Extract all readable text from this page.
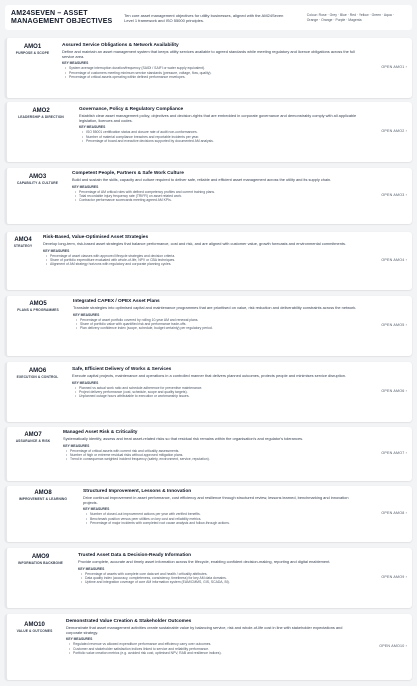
AM24SEVEN – ASSET MANAGEMENT OBJECTIVES
Ten core asset management objectives for utility businesses, aligned with the AM24Seven Level 1 framework and ISO 55000 principles.
Colour: Rose · Grey · Blue · Red · Yellow · Green · Aqua · Orange · Orange · Purple · Magenta
AMO1
PURPOSE & SCOPE
Assured Service Obligations & Network Availability
Define and maintain an asset management system that keeps utility services available to agreed standards while meeting regulatory and licence obligations across the full service area.
KEY MEASURES
• System average interruption duration/frequency (SAIDI / SAIFI or water supply equivalent).
• Percentage of customers meeting minimum service standards (pressure, voltage, flow, quality).
• Percentage of critical assets operating within defined performance envelopes.
OPEN AMO1 ›
AMO2
LEADERSHIP & DIRECTION
Governance, Policy & Regulatory Compliance
Establish clear asset management policy, objectives and decision-rights that are embedded in corporate governance and demonstrably comply with all applicable legislation, licences and codes.
KEY MEASURES
• ISO 55001 certification status and closure rate of audit non-conformances.
• Number of material compliance breaches and reportable incidents per year.
• Percentage of board and executive decisions supported by documented AM analysis.
OPEN AMO2 ›
AMO3
CAPABILITY & CULTURE
Competent People, Partners & Safe Work Culture
Build and sustain the skills, capacity and culture required to deliver safe, reliable and efficient asset management across the utility and its supply chain.
KEY MEASURES
• Percentage of AM critical roles with defined competency profiles and current training plans.
• Total recordable injury frequency rate (TRIFR) on asset related work.
• Contractor performance scorecards meeting agreed AM KPIs.
OPEN AMO3 ›
AMO4
STRATEGY
Risk-Based, Value-Optimised Asset Strategies
Develop long-term, risk-based asset strategies that balance performance, cost and risk, and are aligned with customer value, growth forecasts and environmental commitments.
KEY MEASURES
• Percentage of asset classes with approved lifecycle strategies and decision criteria.
• Share of portfolio expenditure evaluated with whole-of-life, NPV or CBA techniques.
• Alignment of AM strategy horizons with regulatory and corporate planning cycles.
OPEN AMO4 ›
AMO5
PLANS & PROGRAMMES
Integrated CAPEX / OPEX Asset Plans
Translate strategies into optimised capital and maintenance programmes that are prioritised on value, risk reduction and deliverability constraints across the network.
KEY MEASURES
• Percentage of asset portfolio covered by rolling 10-year AM and renewal plans.
• Share of portfolio value with quantified risk and performance trade-offs.
• Plan delivery confidence index (scope, schedule, budget certainty) per regulatory period.
OPEN AMO5 ›
AMO6
EXECUTION & CONTROL
Safe, Efficient Delivery of Works & Services
Execute capital projects, maintenance and operations in a controlled manner that delivers planned outcomes, protects people and minimises service disruption.
KEY MEASURES
• Planned vs actual work ratio and schedule adherence for preventive maintenance.
• Project delivery performance (cost, schedule, scope and quality targets).
• Unplanned outage hours attributable to execution or workmanship issues.
OPEN AMO6 ›
AMO7
ASSURANCE & RISK
Managed Asset Risk & Criticality
Systematically identify, assess and treat asset-related risks so that residual risk remains within the organisation's and regulator's tolerances.
KEY MEASURES
• Percentage of critical assets with current risk and criticality assessments.
• Number of high or extreme residual risks without approved mitigation plans.
• Trend in consequence-weighted incident frequency (safety, environment, service, reputation).
OPEN AMO7 ›
AMO8
IMPROVEMENT & LEARNING
Structured Improvement, Lessons & Innovation
Drive continual improvement in asset performance, cost efficiency and resilience through structured review, lessons learned, benchmarking and innovation projects.
KEY MEASURES
• Number of closed-out improvement actions per year with verified benefits.
• Benchmark position versus peer utilities on key cost and reliability metrics.
• Percentage of major incidents with completed root cause analysis and follow-through actions.
OPEN AMO8 ›
AMO9
INFORMATION BACKBONE
Trusted Asset Data & Decision-Ready Information
Provide complete, accurate and timely asset information across the lifecycle, enabling confident decision-making, reporting and digital enablement.
KEY MEASURES
• Percentage of assets with complete core data set and health / criticality attributes.
• Data quality index (accuracy, completeness, consistency, timeliness) for key AM data domains.
• Uptime and integration coverage of core AM information system (EAM/CMMS, GIS, SCADA, BI).
OPEN AMO9 ›
AMO10
VALUE & OUTCOMES
Demonstrated Value Creation & Stakeholder Outcomes
Demonstrate that asset management activities create sustainable value by balancing service, risk and whole-of-life cost in line with stakeholder expectations and corporate strategy.
KEY MEASURES
• Regulated revenue vs allowed expenditure performance and efficiency carry over outcomes.
• Customer and stakeholder satisfaction indices linked to service and reliability performance.
• Portfolio value creation metrics (e.g. avoided risk cost, optimised NPV, RAB and resilience indices).
OPEN AMO10 ›
